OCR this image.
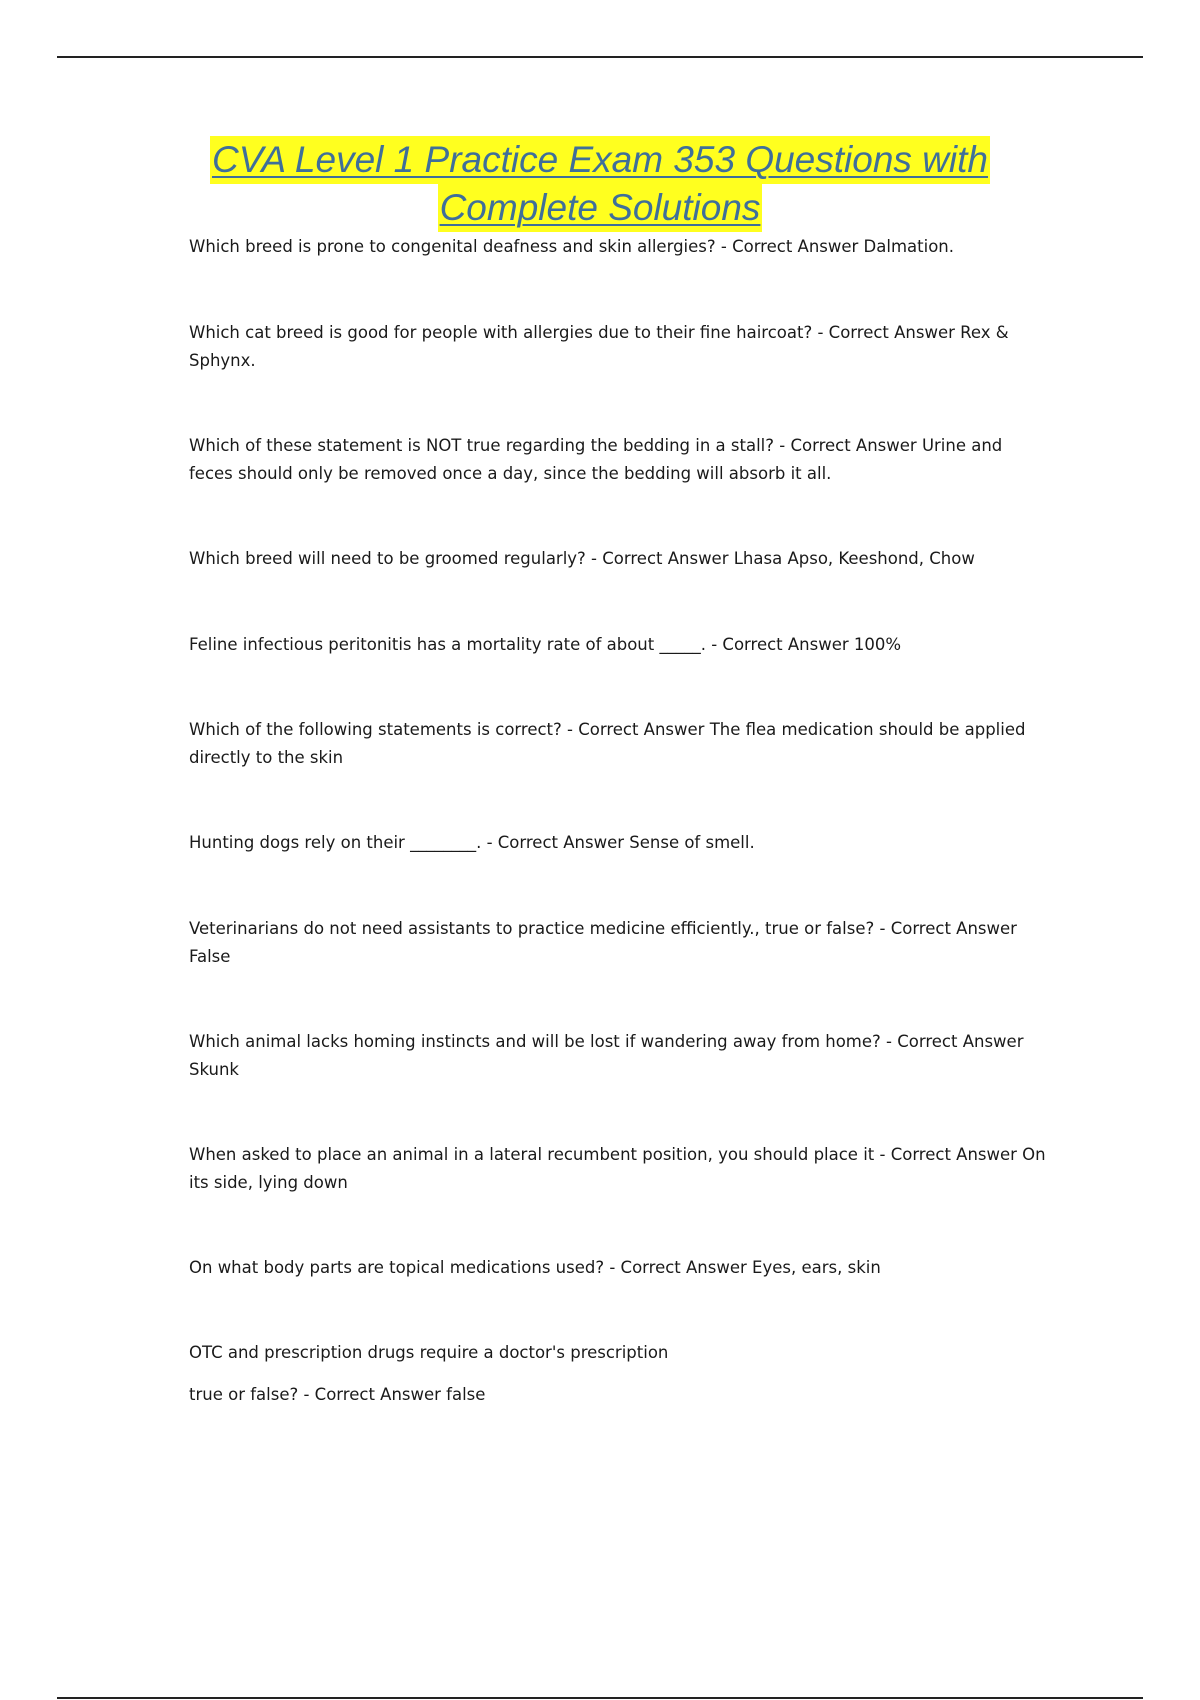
CVA Level 1 Practice Exam 353 Questions with
Complete Solutions

Which breed is prone to congenital deafness and skin allergies? - Correct Answer Dalmation.

Which cat breed is good for people with allergies due to their fine haircoat? - Correct Answer Rex & Sphynx.

Which of these statement is NOT true regarding the bedding in a stall? - Correct Answer Urine and feces should only be removed once a day, since the bedding will absorb it all.

Which breed will need to be groomed regularly? - Correct Answer Lhasa Apso, Keeshond, Chow

Feline infectious peritonitis has a mortality rate of about _____. - Correct Answer 100%

Which of the following statements is correct? - Correct Answer The flea medication should be applied directly to the skin

Hunting dogs rely on their ________. - Correct Answer Sense of smell.

Veterinarians do not need assistants to practice medicine efficiently., true or false? - Correct Answer False

Which animal lacks homing instincts and will be lost if wandering away from home? - Correct Answer Skunk

When asked to place an animal in a lateral recumbent position, you should place it - Correct Answer On its side, lying down

On what body parts are topical medications used? - Correct Answer Eyes, ears, skin

OTC and prescription drugs require a doctor's prescription

true or false? - Correct Answer false
